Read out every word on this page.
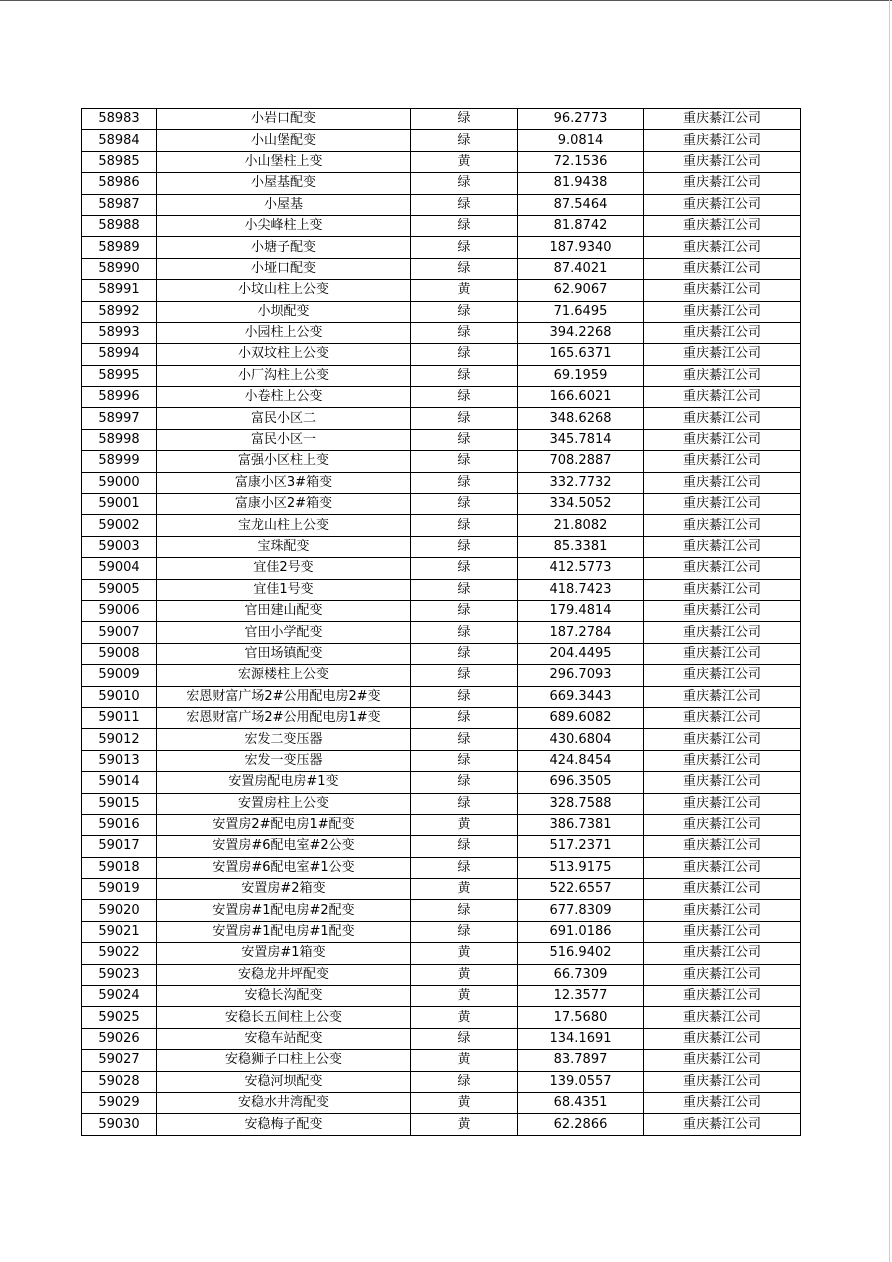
58983	小岩口配变	绿	96.2773	重庆綦江公司
58984	小山堡配变	绿	9.0814	重庆綦江公司
58985	小山堡柱上变	黄	72.1536	重庆綦江公司
58986	小屋基配变	绿	81.9438	重庆綦江公司
58987	小屋基	绿	87.5464	重庆綦江公司
58988	小尖峰柱上变	绿	81.8742	重庆綦江公司
58989	小塘子配变	绿	187.9340	重庆綦江公司
58990	小垭口配变	绿	87.4021	重庆綦江公司
58991	小坟山柱上公变	黄	62.9067	重庆綦江公司
58992	小坝配变	绿	71.6495	重庆綦江公司
58993	小园柱上公变	绿	394.2268	重庆綦江公司
58994	小双坟柱上公变	绿	165.6371	重庆綦江公司
58995	小厂沟柱上公变	绿	69.1959	重庆綦江公司
58996	小卷柱上公变	绿	166.6021	重庆綦江公司
58997	富民小区二	绿	348.6268	重庆綦江公司
58998	富民小区一	绿	345.7814	重庆綦江公司
58999	富强小区柱上变	绿	708.2887	重庆綦江公司
59000	富康小区3#箱变	绿	332.7732	重庆綦江公司
59001	富康小区2#箱变	绿	334.5052	重庆綦江公司
59002	宝龙山柱上公变	绿	21.8082	重庆綦江公司
59003	宝珠配变	绿	85.3381	重庆綦江公司
59004	宜佳2号变	绿	412.5773	重庆綦江公司
59005	宜佳1号变	绿	418.7423	重庆綦江公司
59006	官田建山配变	绿	179.4814	重庆綦江公司
59007	官田小学配变	绿	187.2784	重庆綦江公司
59008	官田场镇配变	绿	204.4495	重庆綦江公司
59009	宏源楼柱上公变	绿	296.7093	重庆綦江公司
59010	宏恩财富广场2#公用配电房2#变	绿	669.3443	重庆綦江公司
59011	宏恩财富广场2#公用配电房1#变	绿	689.6082	重庆綦江公司
59012	宏发二变压器	绿	430.6804	重庆綦江公司
59013	宏发一变压器	绿	424.8454	重庆綦江公司
59014	安置房配电房#1变	绿	696.3505	重庆綦江公司
59015	安置房柱上公变	绿	328.7588	重庆綦江公司
59016	安置房2#配电房1#配变	黄	386.7381	重庆綦江公司
59017	安置房#6配电室#2公变	绿	517.2371	重庆綦江公司
59018	安置房#6配电室#1公变	绿	513.9175	重庆綦江公司
59019	安置房#2箱变	黄	522.6557	重庆綦江公司
59020	安置房#1配电房#2配变	绿	677.8309	重庆綦江公司
59021	安置房#1配电房#1配变	绿	691.0186	重庆綦江公司
59022	安置房#1箱变	黄	516.9402	重庆綦江公司
59023	安稳龙井坪配变	黄	66.7309	重庆綦江公司
59024	安稳长沟配变	黄	12.3577	重庆綦江公司
59025	安稳长五间柱上公变	黄	17.5680	重庆綦江公司
59026	安稳车站配变	绿	134.1691	重庆綦江公司
59027	安稳狮子口柱上公变	黄	83.7897	重庆綦江公司
59028	安稳河坝配变	绿	139.0557	重庆綦江公司
59029	安稳水井湾配变	黄	68.4351	重庆綦江公司
59030	安稳梅子配变	黄	62.2866	重庆綦江公司
